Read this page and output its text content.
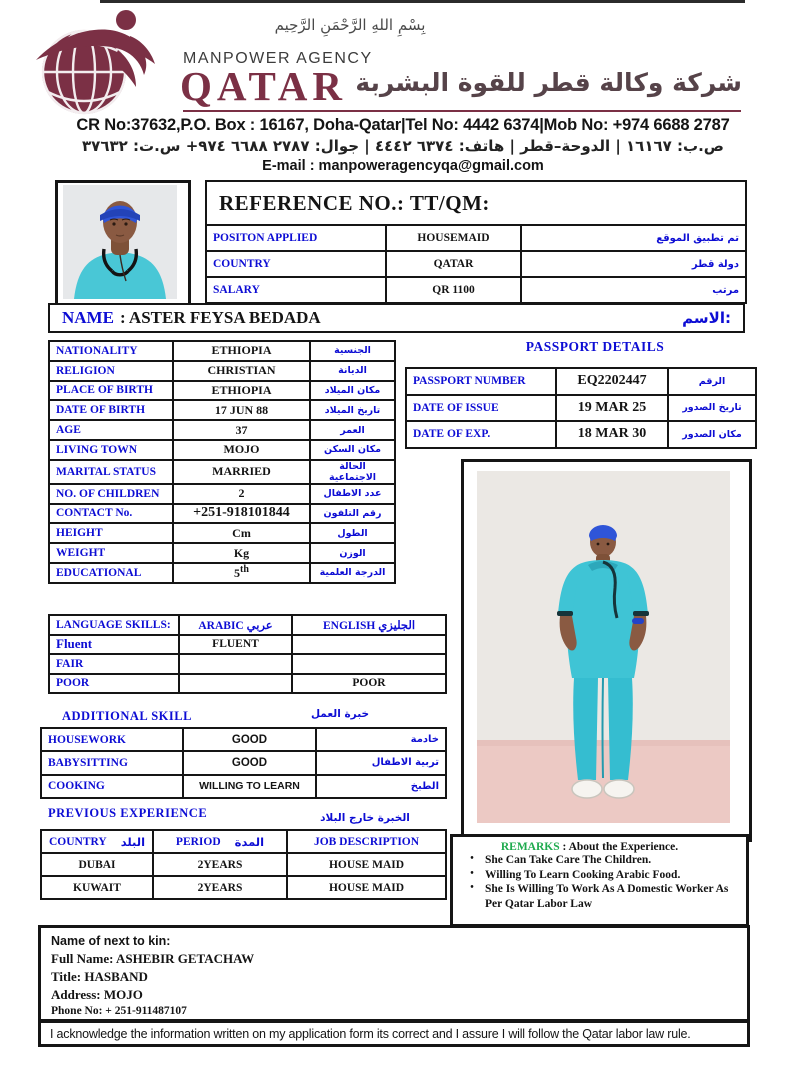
بِسْمِ اللهِ الرَّحْمَنِ الرَّحِيم
MANPOWER AGENCY
QATAR شركة وكالة قطر للقوة البشربة
CR No:37632,P.O. Box : 16167, Doha-Qatar|Tel No: 4442 6374|Mob No: +974 6688 2787
ص.ب: ١٦١٦٧ | الدوحة–قطر | هاتف: ٦٣٧٤ ٤٤٤٢ | جوال: ٢٧٨٧ ٦٦٨٨ ٩٧٤+ س.ت: ٣٧٦٣٢
E-mail : manpoweragencyqa@gmail.com
REFERENCE NO.: TT/QM:		
POSITON APPLIED	HOUSEMAID	تم تطبيق الموقع
COUNTRY	QATAR	دولة قطر
SALARY	QR 1100	مرتب
NAME : ASTER FEYSA BEDADA	الاسم:
NATIONALITY	ETHIOPIA	الجنسية
RELIGION	CHRISTIAN	الديانة
PLACE OF BIRTH	ETHIOPIA	مكان الميلاد
DATE OF BIRTH	17 JUN 88	تاريخ الميلاد
AGE	37	العمر
LIVING TOWN	MOJO	مكان السكن
MARITAL STATUS	MARRIED	الحالة الاجتماعية
NO. OF CHILDREN	2	عدد الاطفال
CONTACT No.	+251-918101844	رقم التلفون
HEIGHT	Cm	الطول
WEIGHT	Kg	الوزن
EDUCATIONAL	5th	الدرجة العلمية
PASSPORT DETAILS
PASSPORT NUMBER	EQ2202447	الرقم
DATE OF ISSUE	19 MAR 25	تاريخ الصدور
DATE OF EXP.	18 MAR 30	مكان الصدور
LANGUAGE SKILLS:	ARABIC عربي	ENGLISH الجليزي
Fluent	FLUENT	
FAIR		
POOR		POOR
ADDITIONAL SKILL	خبرة العمل
HOUSEWORK	GOOD	خادمة
BABYSITTING	GOOD	تربية الاطفال
COOKING	WILLING TO LEARN	الطبخ
PREVIOUS EXPERIENCE	الخبرة خارج البلاد
COUNTRY البلد	PERIOD المدة	JOB DESCRIPTION
DUBAI	2YEARS	HOUSE MAID
KUWAIT	2YEARS	HOUSE MAID
REMARKS : About the Experience.
• She Can Take Care The Children.
• Willing To Learn Cooking Arabic Food.
• She Is Willing To Work As A Domestic Worker As Per Qatar Labor Law
Name of next to kin:
Full Name: ASHEBIR GETACHAW
Title: HASBAND
Address: MOJO
Phone No: + 251-911487107
I acknowledge the information written on my application form its correct and I assure I will follow the Qatar labor law rule.
